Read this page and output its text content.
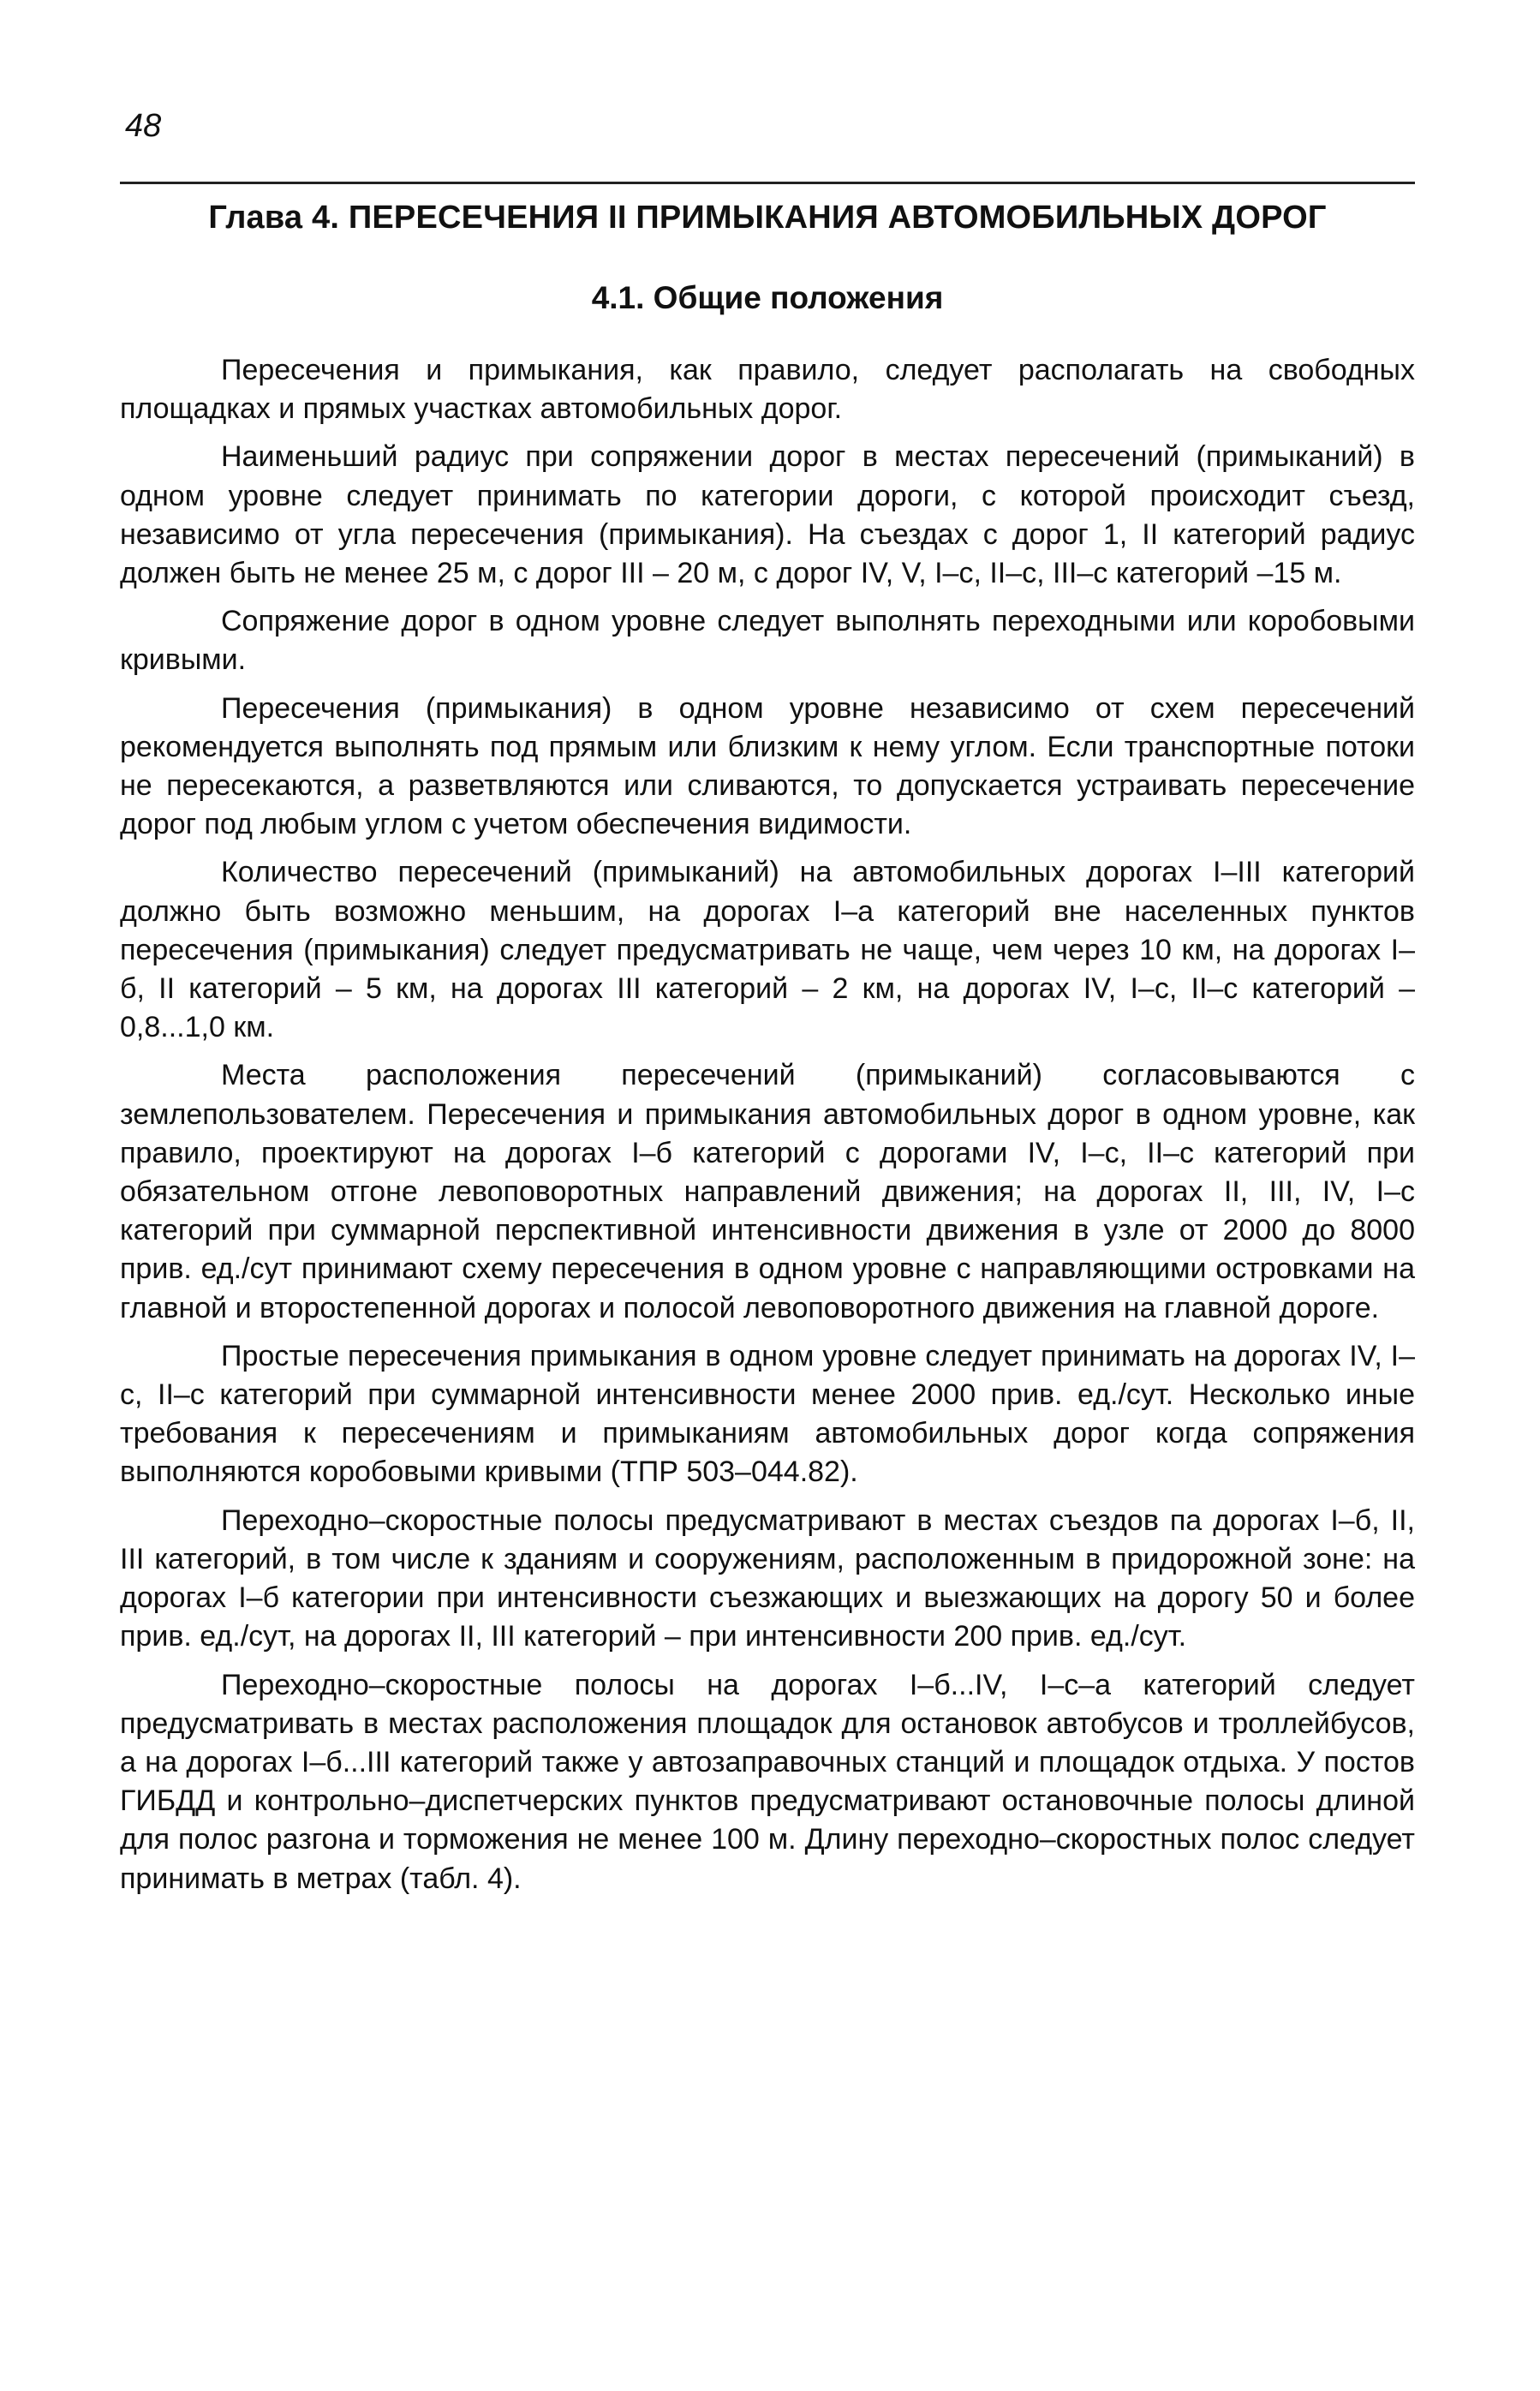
48
Глава 4. ПЕРЕСЕЧЕНИЯ II ПРИМЫКАНИЯ АВТОМОБИЛЬНЫХ ДОРОГ
4.1. Общие положения

Пересечения и примыкания, как правило, следует располагать на свободных площадках и прямых участках автомобильных дорог.

Наименьший радиус при сопряжении дорог в местах пересечений (примыканий) в одном уровне следует принимать по категории дороги, с которой происходит съезд, независимо от угла пересечения (примыкания). На съездах с дорог 1, II категорий радиус должен быть не менее 25 м, с дорог III – 20 м, с дорог IV, V, I–с, II–с, III–с категорий –15 м.

Сопряжение дорог в одном уровне следует выполнять переходными или коробовыми кривыми.

Пересечения (примыкания) в одном уровне независимо от схем пересечений рекомендуется выполнять под прямым или близким к нему углом. Если транспортные потоки не пересекаются, а разветвляются или сливаются, то допускается устраивать пересечение дорог под любым углом с учетом обеспечения видимости.

Количество пересечений (примыканий) на автомобильных дорогах I–III категорий должно быть возможно меньшим, на дорогах I–а категорий вне населенных пунктов пересечения (примыкания) следует предусматривать не чаще, чем через 10 км, на дорогах I–б, II категорий – 5 км, на дорогах III категорий – 2 км, на дорогах IV, I–с, II–с категорий – 0,8...1,0 км.

Места расположения пересечений (примыканий) согласовываются с землепользователем. Пересечения и примыкания автомобильных дорог в одном уровне, как правило, проектируют на дорогах I–б категорий с дорогами IV, I–с, II–с категорий при обязательном отгоне левоповоротных направлений движения; на дорогах II, III, IV, I–с категорий при суммарной перспективной интенсивности движения в узле от 2000 до 8000 прив. ед./сут принимают схему пересечения в одном уровне с направляющими островками на главной и второстепенной дорогах и полосой левоповоротного движения на главной дороге.

Простые пересечения примыкания в одном уровне следует принимать на дорогах IV, I–с, II–с категорий при суммарной интенсивности менее 2000 прив. ед./сут. Несколько иные требования к пересечениям и примыканиям автомобильных дорог когда сопряжения выполняются коробовыми кривыми (ТПР 503–044.82).

Переходно–скоростные полосы предусматривают в местах съездов па дорогах I–б, II, III категорий, в том числе к зданиям и сооружениям, расположенным в придорожной зоне: на дорогах I–б категории при интенсивности съезжающих и выезжающих на дорогу 50 и более прив. ед./сут, на дорогах II, III категорий – при интенсивности 200 прив. ед./сут.

Переходно–скоростные полосы на дорогах I–б...IV, I–с–а категорий следует предусматривать в местах расположения площадок для остановок автобусов и троллейбусов, а на дорогах I–б...III категорий также у автозаправочных станций и площадок отдыха. У постов ГИБДД и контрольно–диспетчерских пунктов предусматривают остановочные полосы длиной для полос разгона и торможения не менее 100 м. Длину переходно–скоростных полос следует принимать в метрах (табл. 4).
